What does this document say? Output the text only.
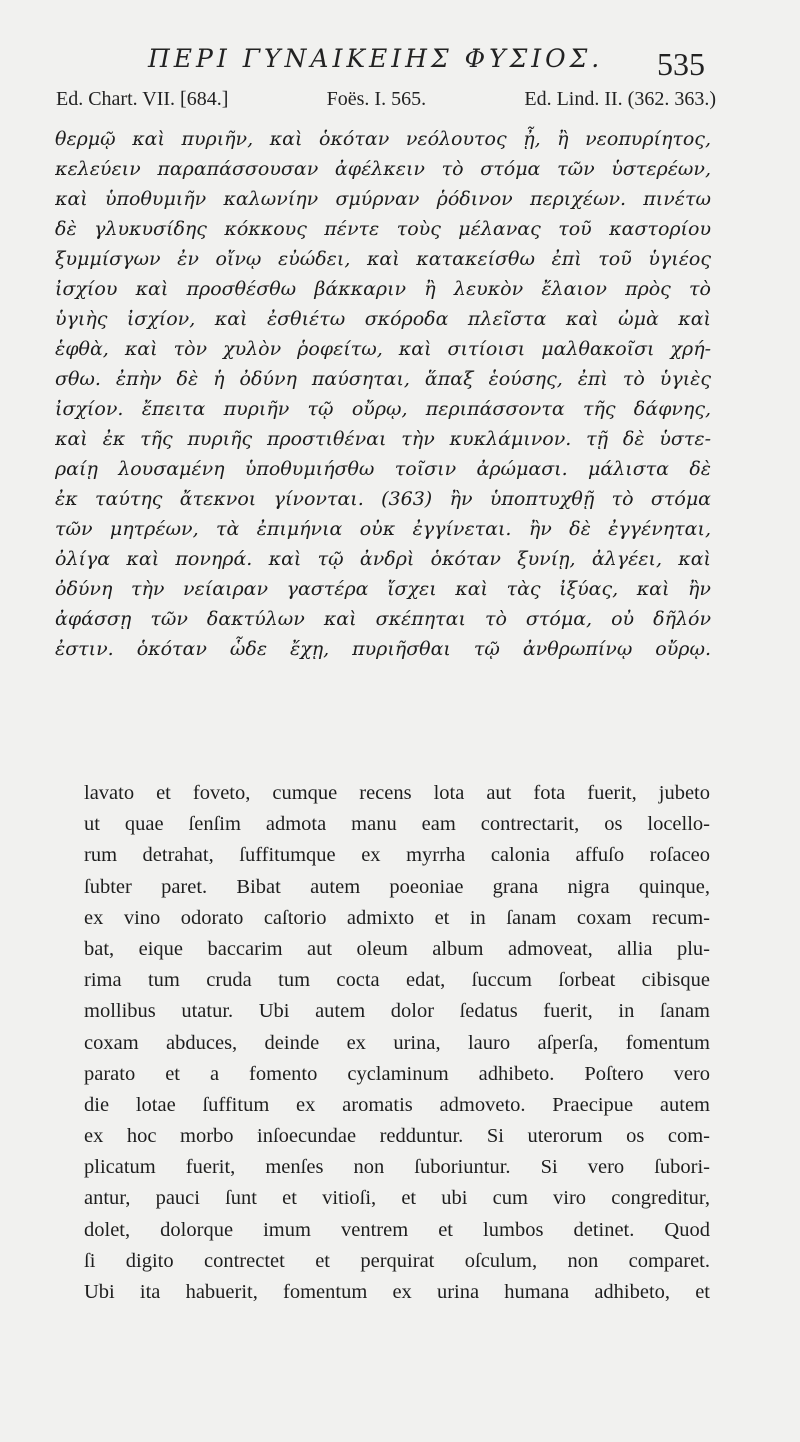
ΠΕΡΙ ΓΥΝΑΙΚΕΙΗΣ ΦΥΣΙΟΣ. 535
Ed. Chart. VII. [684.]	Foës. I. 565.	Ed. Lind. II. (362. 363.)
θερμῷ καὶ πυριῆν, καὶ ὁκόταν νεόλουτος ᾖ, ἢ νεοπυρίητος,
κελεύειν παραπάσσουσαν ἀφέλκειν τὸ στόμα τῶν ὑστερέων,
καὶ ὑποθυμιῆν καλωνίην σμύρναν ῥόδινον περιχέων. πινέτω
δὲ γλυκυσίδης κόκκους πέντε τοὺς μέλανας τοῦ καστορίου
ξυμμίσγων ἐν οἴνῳ εὐώδει, καὶ κατακείσθω ἐπὶ τοῦ ὑγιέος
ἰσχίου καὶ προσθέσθω βάκκαριν ἢ λευκὸν ἔλαιον πρὸς τὸ
ὑγιὴς ἰσχίον, καὶ ἐσθιέτω σκόροδα πλεῖστα καὶ ὠμὰ καὶ
ἑφθὰ, καὶ τὸν χυλὸν ῥοφείτω, καὶ σιτίοισι μαλθακοῖσι χρή-
σθω. ἐπὴν δὲ ἡ ὀδύνη παύσηται, ἅπαξ ἑούσης, ἐπὶ τὸ ὑγιὲς
ἰσχίον. ἔπειτα πυριῆν τῷ οὔρῳ, περιπάσσοντα τῆς δάφνης,
καὶ ἐκ τῆς πυριῆς προστιθέναι τὴν κυκλάμινον. τῇ δὲ ὑστε-
ραίῃ λουσαμένη ὑποθυμιήσθω τοῖσιν ἀρώμασι. μάλιστα δὲ
ἐκ ταύτης ἄτεκνοι γίνονται. (363) ἢν ὑποπτυχθῇ τὸ στόμα
τῶν μητρέων, τὰ ἐπιμήνια οὐκ ἐγγίνεται. ἢν δὲ ἐγγένηται,
ὀλίγα καὶ πονηρά. καὶ τῷ ἀνδρὶ ὁκόταν ξυνίῃ, ἀλγέει, καὶ
ὀδύνη τὴν νείαιραν γαστέρα ἴσχει καὶ τὰς ἰξύας, καὶ ἢν
ἀφάσσῃ τῶν δακτύλων καὶ σκέπηται τὸ στόμα, οὐ δῆλόν
ἐστιν. ὁκόταν ὧδε ἔχῃ, πυριῆσθαι τῷ ἀνθρωπίνῳ οὔρῳ.
lavato et foveto, cumque recens lota aut fota fuerit, jubeto
ut quae ſenſim admota manu eam contrectarit, os locello-
rum detrahat, ſuffitumque ex myrrha calonia affuſo roſaceo
ſubter paret. Bibat autem poeoniae grana nigra quinque,
ex vino odorato caſtorio admixto et in ſanam coxam recum-
bat, eique baccarim aut oleum album admoveat, allia plu-
rima tum cruda tum cocta edat, ſuccum ſorbeat cibisque
mollibus utatur. Ubi autem dolor ſedatus fuerit, in ſanam
coxam abduces, deinde ex urina, lauro aſperſa, fomentum
parato et a fomento cyclaminum adhibeto. Poſtero vero
die lotae ſuffitum ex aromatis admoveto. Praecipue autem
ex hoc morbo inſoecundae redduntur. Si uterorum os com-
plicatum fuerit, menſes non ſuboriuntur. Si vero ſubori-
antur, pauci ſunt et vitioſi, et ubi cum viro congreditur,
dolet, dolorque imum ventrem et lumbos detinet. Quod
ſi digito contrectet et perquirat oſculum, non comparet.
Ubi ita habuerit, fomentum ex urina humana adhibeto, et
